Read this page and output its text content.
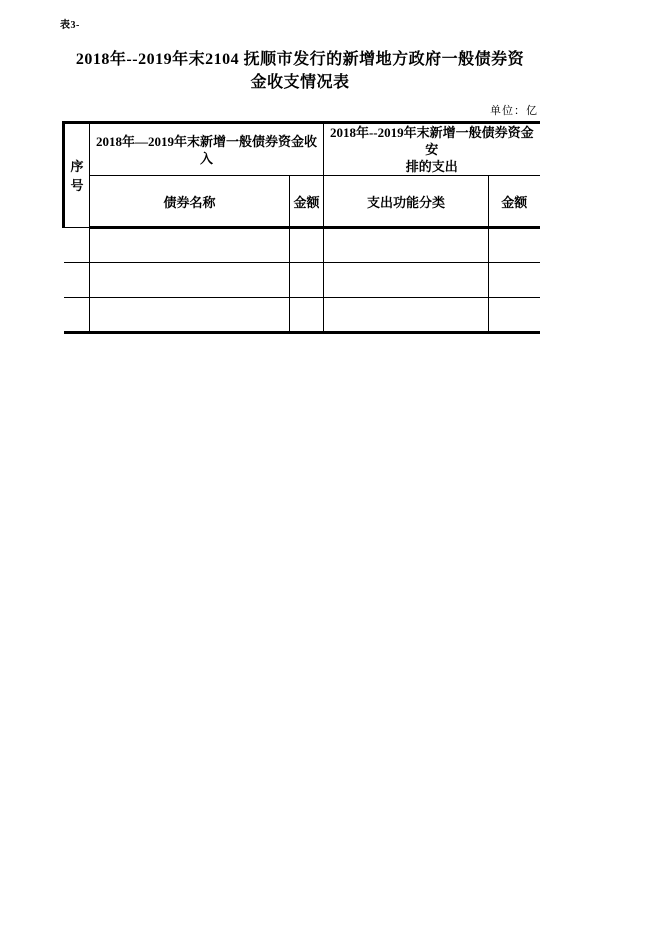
表3-
2018年--2019年末2104 抚顺市发行的新增地方政府一般债券资
金收支情况表
单位：亿
序号	2018年—2019年末新增一般债券资金收入		2018年--2019年末新增一般债券资金安
排的支出	

	债券名称	金额	支出功能分类	金额
